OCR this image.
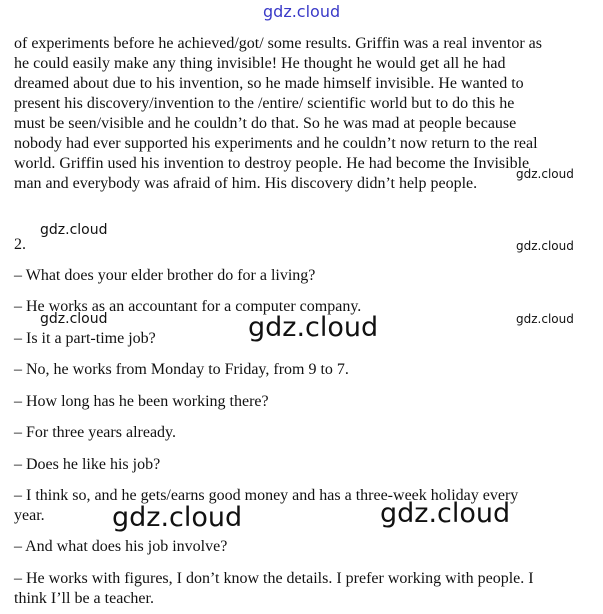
gdz.cloud
of experiments before he achieved/got/ some results. Griffin was a real inventor as
he could easily make any thing invisible! He thought he would get all he had
dreamed about due to his invention, so he made himself invisible. He wanted to
present his discovery/invention to the /entire/ scientific world but to do this he
must be seen/visible and he couldn’t do that. So he was mad at people because
nobody had ever supported his experiments and he couldn’t now return to the real
world. Griffin used his invention to destroy people. He had become the Invisible
man and everybody was afraid of him. His discovery didn’t help people.
gdz.cloud
gdz.cloud
2.	gdz.cloud
– What does your elder brother do for a living?
– He works as an accountant for a computer company.
gdz.cloud	gdz.cloud	gdz.cloud
– Is it a part-time job?
– No, he works from Monday to Friday, from 9 to 7.
– How long has he been working there?
– For three years already.
– Does he like his job?
– I think so, and he gets/earns good money and has a three-week holiday every
year. gdz.cloud	gdz.cloud
– And what does his job involve?
– He works with figures, I don’t know the details. I prefer working with people. I
think I’ll be a teacher.
